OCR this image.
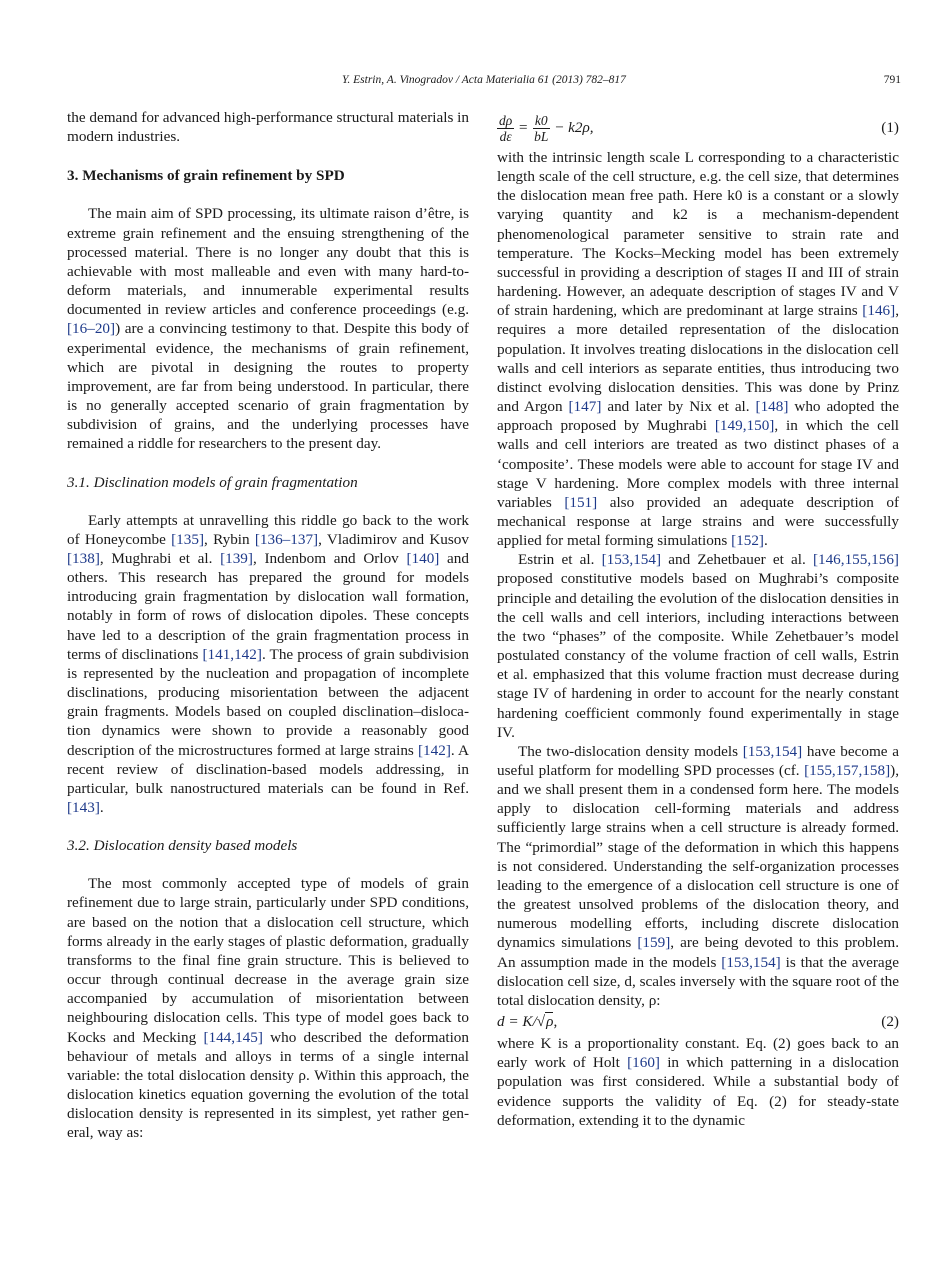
Y. Estrin, A. Vinogradov / Acta Materialia 61 (2013) 782–817	791

the demand for advanced high-performance structural materials in modern industries.

3. Mechanisms of grain refinement by SPD

The main aim of SPD processing, its ultimate raison d’être, is extreme grain refinement and the ensuing strengthening of the processed material. There is no longer any doubt that this is achievable with most malleable and even with many hard-to-deform materials, and innumerable experimental results documented in review articles and conference proceedings (e.g. [16–20]) are a convincing testimony to that. Despite this body of experimental evidence, the mechanisms of grain refinement, which are pivotal in designing the routes to property improvement, are far from being understood. In particular, there is no generally accepted scenario of grain fragmentation by subdivision of grains, and the underlying processes have remained a riddle for researchers to the present day.

3.1. Disclination models of grain fragmentation

Early attempts at unravelling this riddle go back to the work of Honeycombe [135], Rybin [136–137], Vladimirov and Kusov [138], Mughrabi et al. [139], Indenbom and Orlov [140] and others. This research has prepared the ground for models introducing grain fragmentation by dislocation wall formation, notably in form of rows of dislocation dipoles. These concepts have led to a description of the grain fragmentation process in terms of disclinations [141,142]. The process of grain subdivision is represented by the nucleation and propagation of incomplete disclinations, producing misorientation between the adjacent grain fragments. Models based on coupled disclination–dislocation dynamics were shown to provide a reasonably good description of the microstructures formed at large strains [142]. A recent review of disclination-based models addressing, in particular, bulk nanostructured materials can be found in Ref. [143].

3.2. Dislocation density based models

The most commonly accepted type of models of grain refinement due to large strain, particularly under SPD conditions, are based on the notion that a dislocation cell structure, which forms already in the early stages of plastic deformation, gradually transforms to the final fine grain structure. This is believed to occur through continual decrease in the average grain size accompanied by accumulation of misorientation between neighbouring dislocation cells. This type of model goes back to Kocks and Mecking [144,145] who described the deformation behaviour of metals and alloys in terms of a single internal variable: the total dislocation density ρ. Within this approach, the dislocation kinetics equation governing the evolution of the total dislocation density is represented in its simplest, yet rather general, way as:

$\frac{d\rho}{d\varepsilon} = \frac{k0}{bL} - k2\rho$,	(1)

with the intrinsic length scale L corresponding to a characteristic length scale of the cell structure, e.g. the cell size, that determines the dislocation mean free path. Here k0 is a constant or a slowly varying quantity and k2 is a mechanism-dependent phenomenological parameter sensitive to strain rate and temperature. The Kocks–Mecking model has been extremely successful in providing a description of stages II and III of strain hardening. However, an adequate description of stages IV and V of strain hardening, which are predominant at large strains [146], requires a more detailed representation of the dislocation population. It involves treating dislocations in the dislocation cell walls and cell interiors as separate entities, thus introducing two distinct evolving dislocation densities. This was done by Prinz and Argon [147] and later by Nix et al. [148] who adopted the approach proposed by Mughrabi [149,150], in which the cell walls and cell interiors are treated as two distinct phases of a ‘composite’. These models were able to account for stage IV and stage V hardening. More complex models with three internal variables [151] also provided an adequate description of mechanical response at large strains and were successfully applied for metal forming simulations [152].

Estrin et al. [153,154] and Zehetbauer et al. [146,155,156] proposed constitutive models based on Mughrabi’s composite principle and detailing the evolution of the dislocation densities in the cell walls and cell interiors, including interactions between the two “phases” of the composite. While Zehetbauer’s model postulated constancy of the volume fraction of cell walls, Estrin et al. emphasized that this volume fraction must decrease during stage IV of hardening in order to account for the nearly constant hardening coefficient commonly found experimentally in stage IV.

The two-dislocation density models [153,154] have become a useful platform for modelling SPD processes (cf. [155,157,158]), and we shall present them in a condensed form here. The models apply to dislocation cell-forming materials and address sufficiently large strains when a cell structure is already formed. The “primordial” stage of the deformation in which this happens is not considered. Understanding the self-organization processes leading to the emergence of a dislocation cell structure is one of the greatest unsolved problems of the dislocation theory, and numerous modelling efforts, including discrete dislocation dynamics simulations [159], are being devoted to this problem. An assumption made in the models [153,154] is that the average dislocation cell size, d, scales inversely with the square root of the total dislocation density, ρ:

d = K/√ρ,	(2)

where K is a proportionality constant. Eq. (2) goes back to an early work of Holt [160] in which patterning in a dislocation population was first considered. While a substantial body of evidence supports the validity of Eq. (2) for steady-state deformation, extending it to the dynamic
